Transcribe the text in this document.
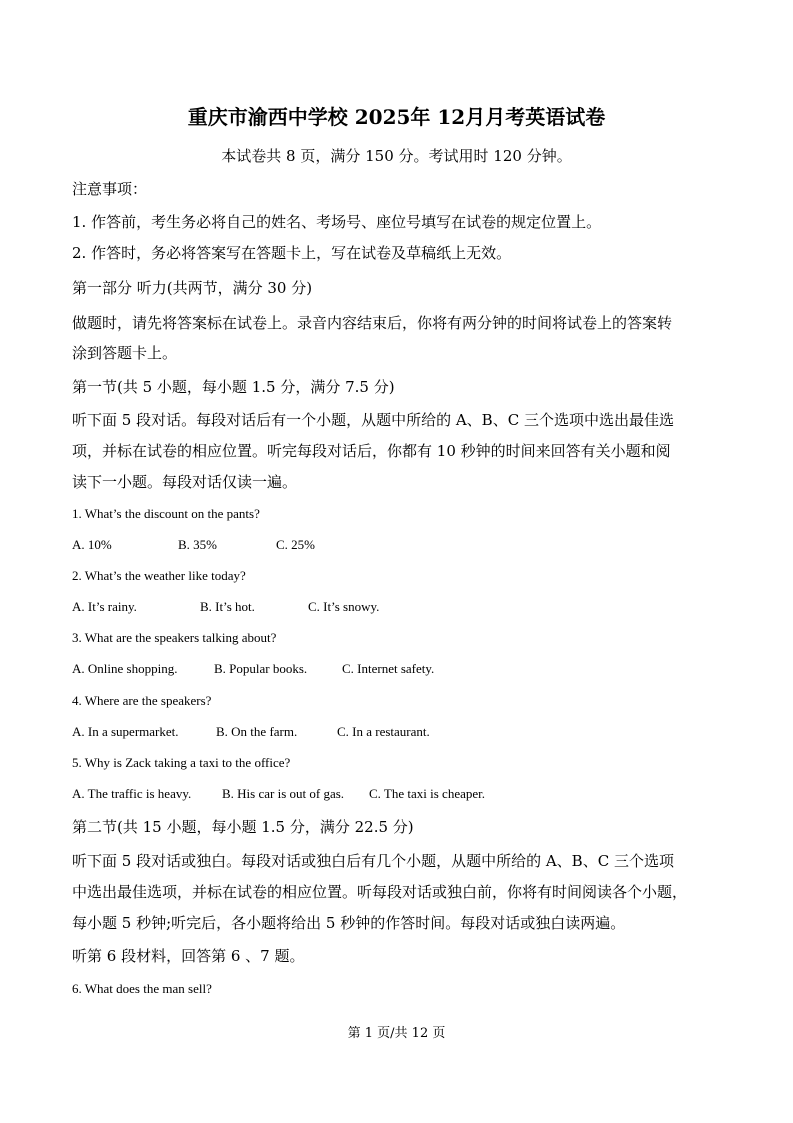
重庆市渝西中学校 2025年 12月月考英语试卷
本试卷共 8 页，满分 150 分。考试用时 120 分钟。
注意事项：
1. 作答前，考生务必将自己的姓名、考场号、座位号填写在试卷的规定位置上。
2. 作答时，务必将答案写在答题卡上，写在试卷及草稿纸上无效。
第一部分 听力(共两节，满分 30 分)
做题时，请先将答案标在试卷上。录音内容结束后，你将有两分钟的时间将试卷上的答案转
涂到答题卡上。
第一节(共 5 小题，每小题 1.5 分，满分 7.5 分)
听下面 5 段对话。每段对话后有一个小题，从题中所给的 A、B、C 三个选项中选出最佳选
项，并标在试卷的相应位置。听完每段对话后，你都有 10 秒钟的时间来回答有关小题和阅
读下一小题。每段对话仅读一遍。
1. What’s the discount on the pants?
A. 10%	B. 35%	C. 25%
2. What’s the weather like today?
A. It’s rainy.	B. It’s hot.	C. It’s snowy.
3. What are the speakers talking about?
A. Online shopping.	B. Popular books.	C. Internet safety.
4. Where are the speakers?
A. In a supermarket.	B. On the farm.	C. In a restaurant.
5. Why is Zack taking a taxi to the office?
A. The traffic is heavy. B. His car is out of gas. C. The taxi is cheaper.
第二节(共 15 小题，每小题 1.5 分，满分 22.5 分)
听下面 5 段对话或独白。每段对话或独白后有几个小题，从题中所给的 A、B、C 三个选项
中选出最佳选项，并标在试卷的相应位置。听每段对话或独白前，你将有时间阅读各个小题，
每小题 5 秒钟;听完后，各小题将给出 5 秒钟的作答时间。每段对话或独白读两遍。
听第 6 段材料，回答第 6 、7 题。
6. What does the man sell?
第 1 页/共 12 页
